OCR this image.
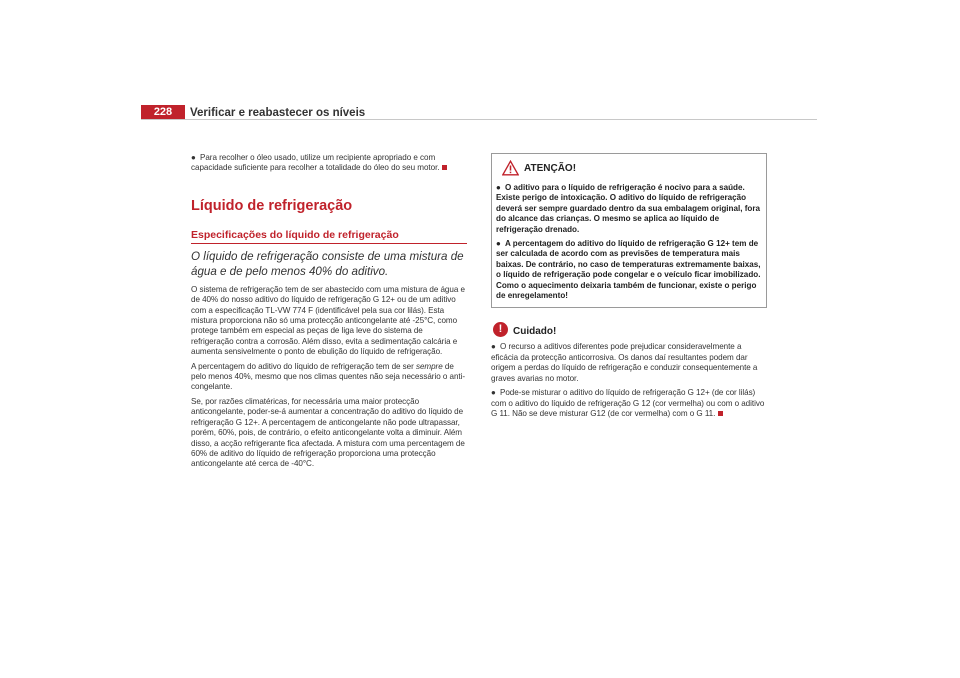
228	Verificar e reabastecer os níveis

● Para recolher o óleo usado, utilize um recipiente apropriado e com capacidade suficiente para recolher a totalidade do óleo do seu motor.

Líquido de refrigeração
Especificações do líquido de refrigeração

O líquido de refrigeração consiste de uma mistura de água e de pelo menos 40% do aditivo.

O sistema de refrigeração tem de ser abastecido com uma mistura de água e de 40% do nosso aditivo do líquido de refrigeração G 12+ ou de um aditivo com a especificação TL-VW 774 F (identificável pela sua cor lilás). Esta mistura proporciona não só uma protecção anticongelante até -25°C, como protege também em especial as peças de liga leve do sistema de refrigeração contra a corrosão. Além disso, evita a sedimentação calcária e aumenta sensivelmente o ponto de ebulição do líquido de refrigeração.

A percentagem do aditivo do líquido de refrigeração tem de ser sempre de pelo menos 40%, mesmo que nos climas quentes não seja necessário o anti-congelante.

Se, por razões climatéricas, for necessária uma maior protecção anticongelante, poder-se-á aumentar a concentração do aditivo do líquido de refrigeração G 12+. A percentagem de anticongelante não pode ultrapassar, porém, 60%, pois, de contrário, o efeito anticongelante volta a diminuir. Além disso, a acção refrigerante fica afectada. A mistura com uma percentagem de 60% de aditivo do líquido de refrigeração proporciona uma protecção anticongelante até cerca de -40°C.

ATENÇÃO!

● O aditivo para o líquido de refrigeração é nocivo para a saúde. Existe perigo de intoxicação. O aditivo do líquido de refrigeração deverá ser sempre guardado dentro da sua embalagem original, fora do alcance das crianças. O mesmo se aplica ao líquido de refrigeração drenado.

● A percentagem do aditivo do líquido de refrigeração G 12+ tem de ser calculada de acordo com as previsões de temperatura mais baixas. De contrário, no caso de temperaturas extremamente baixas, o líquido de refrigeração pode congelar e o veículo ficar imobilizado. Como o aquecimento deixaria também de funcionar, existe o perigo de enregelamento!

!	Cuidado!

● O recurso a aditivos diferentes pode prejudicar consideravelmente a eficácia da protecção anticorrosiva. Os danos daí resultantes podem dar origem a perdas do líquido de refrigeração e conduzir consequentemente a graves avarias no motor.

● Pode-se misturar o aditivo do líquido de refrigeração G 12+ (de cor lilás) com o aditivo do líquido de refrigeração G 12 (cor vermelha) ou com o aditivo G 11. Não se deve misturar G12 (de cor vermelha) com o G 11.
